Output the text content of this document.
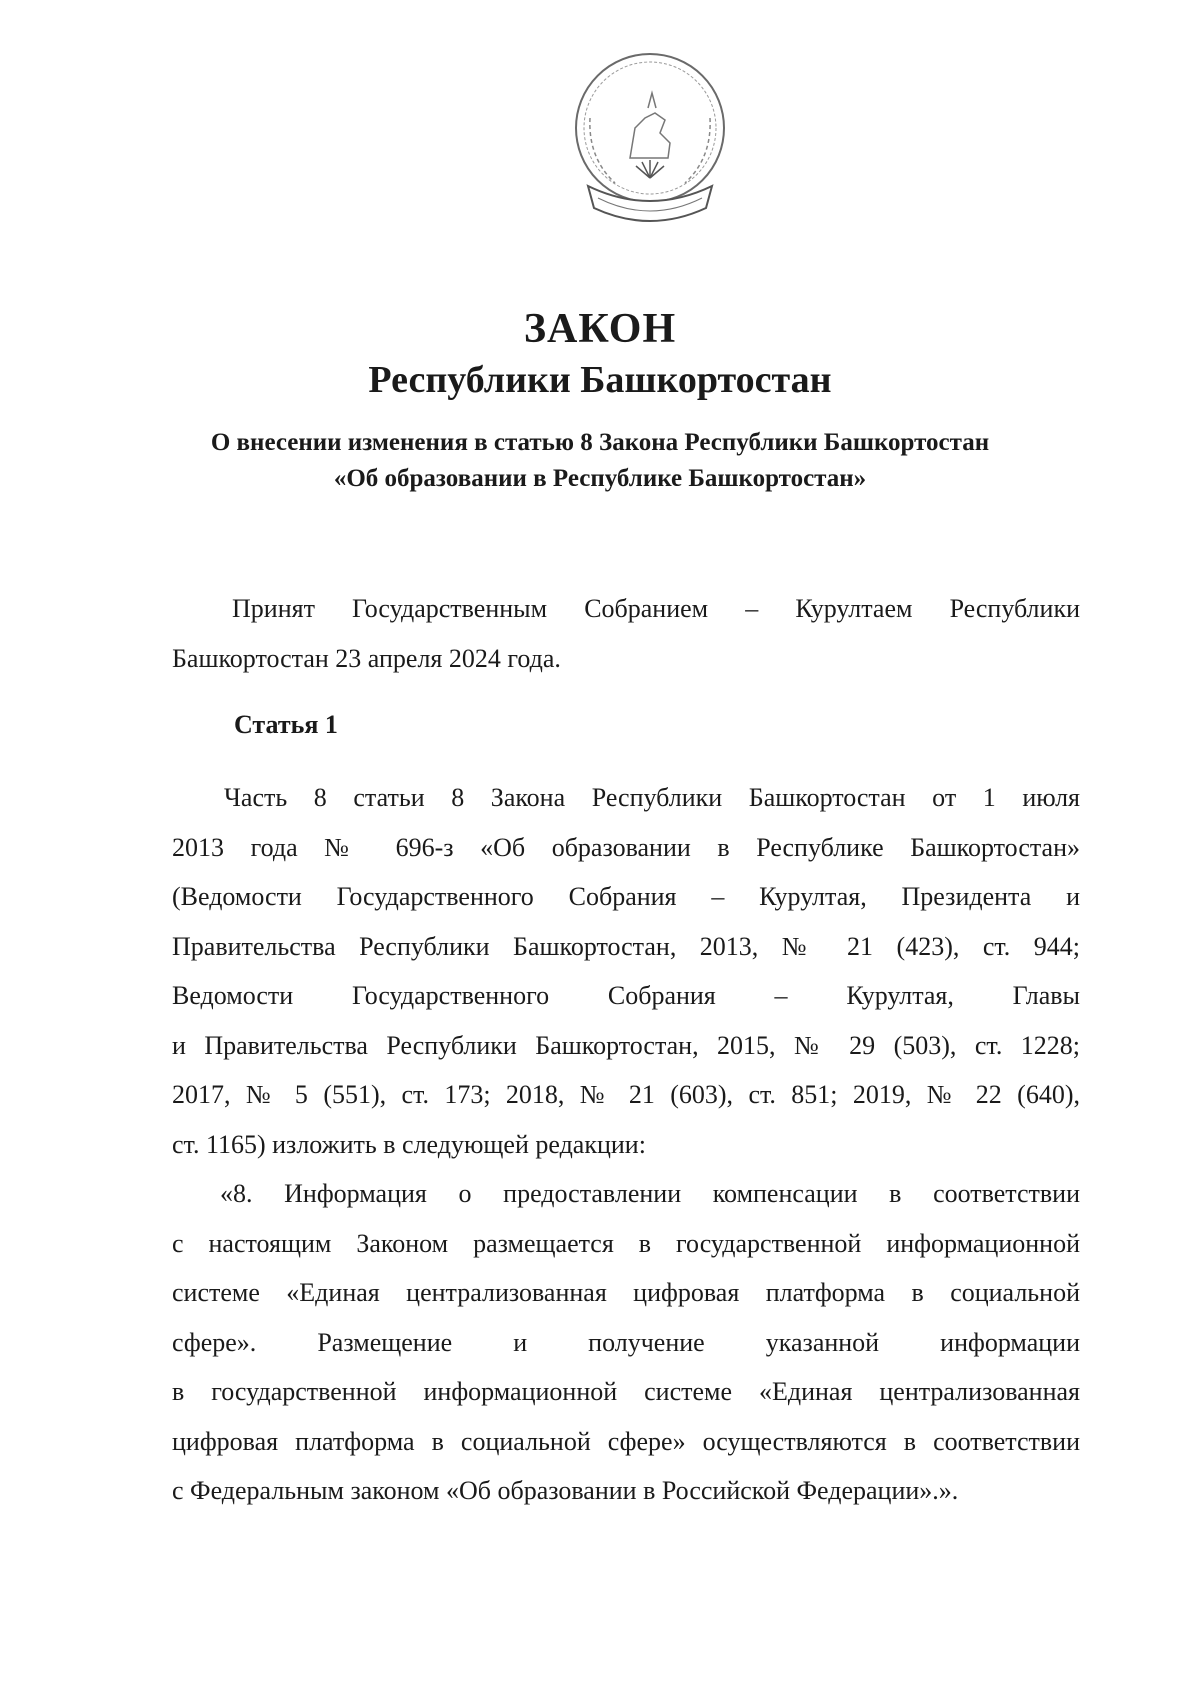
ЗАКОН
Республики Башкортостан
О внесении изменения в статью 8 Закона Республики Башкортостан
«Об образовании в Республике Башкортостан»
Принят Государственным Собранием – Курултаем Республики
Башкортостан 23 апреля 2024 года.
Статья 1
Часть 8 статьи 8 Закона Республики Башкортостан от 1 июля
2013 года № 696-з «Об образовании в Республике Башкортостан»
(Ведомости Государственного Собрания – Курултая, Президента и
Правительства Республики Башкортостан, 2013, № 21 (423), ст. 944;
Ведомости Государственного Собрания – Курултая, Главы
и Правительства Республики Башкортостан, 2015, № 29 (503), ст. 1228;
2017, № 5 (551), ст. 173; 2018, № 21 (603), ст. 851; 2019, № 22 (640),
ст. 1165) изложить в следующей редакции:
«8. Информация о предоставлении компенсации в соответствии
с настоящим Законом размещается в государственной информационной
системе «Единая централизованная цифровая платформа в социальной
сфере». Размещение и получение указанной информации
в государственной информационной системе «Единая централизованная
цифровая платформа в социальной сфере» осуществляются в соответствии
с Федеральным законом «Об образовании в Российской Федерации».».
